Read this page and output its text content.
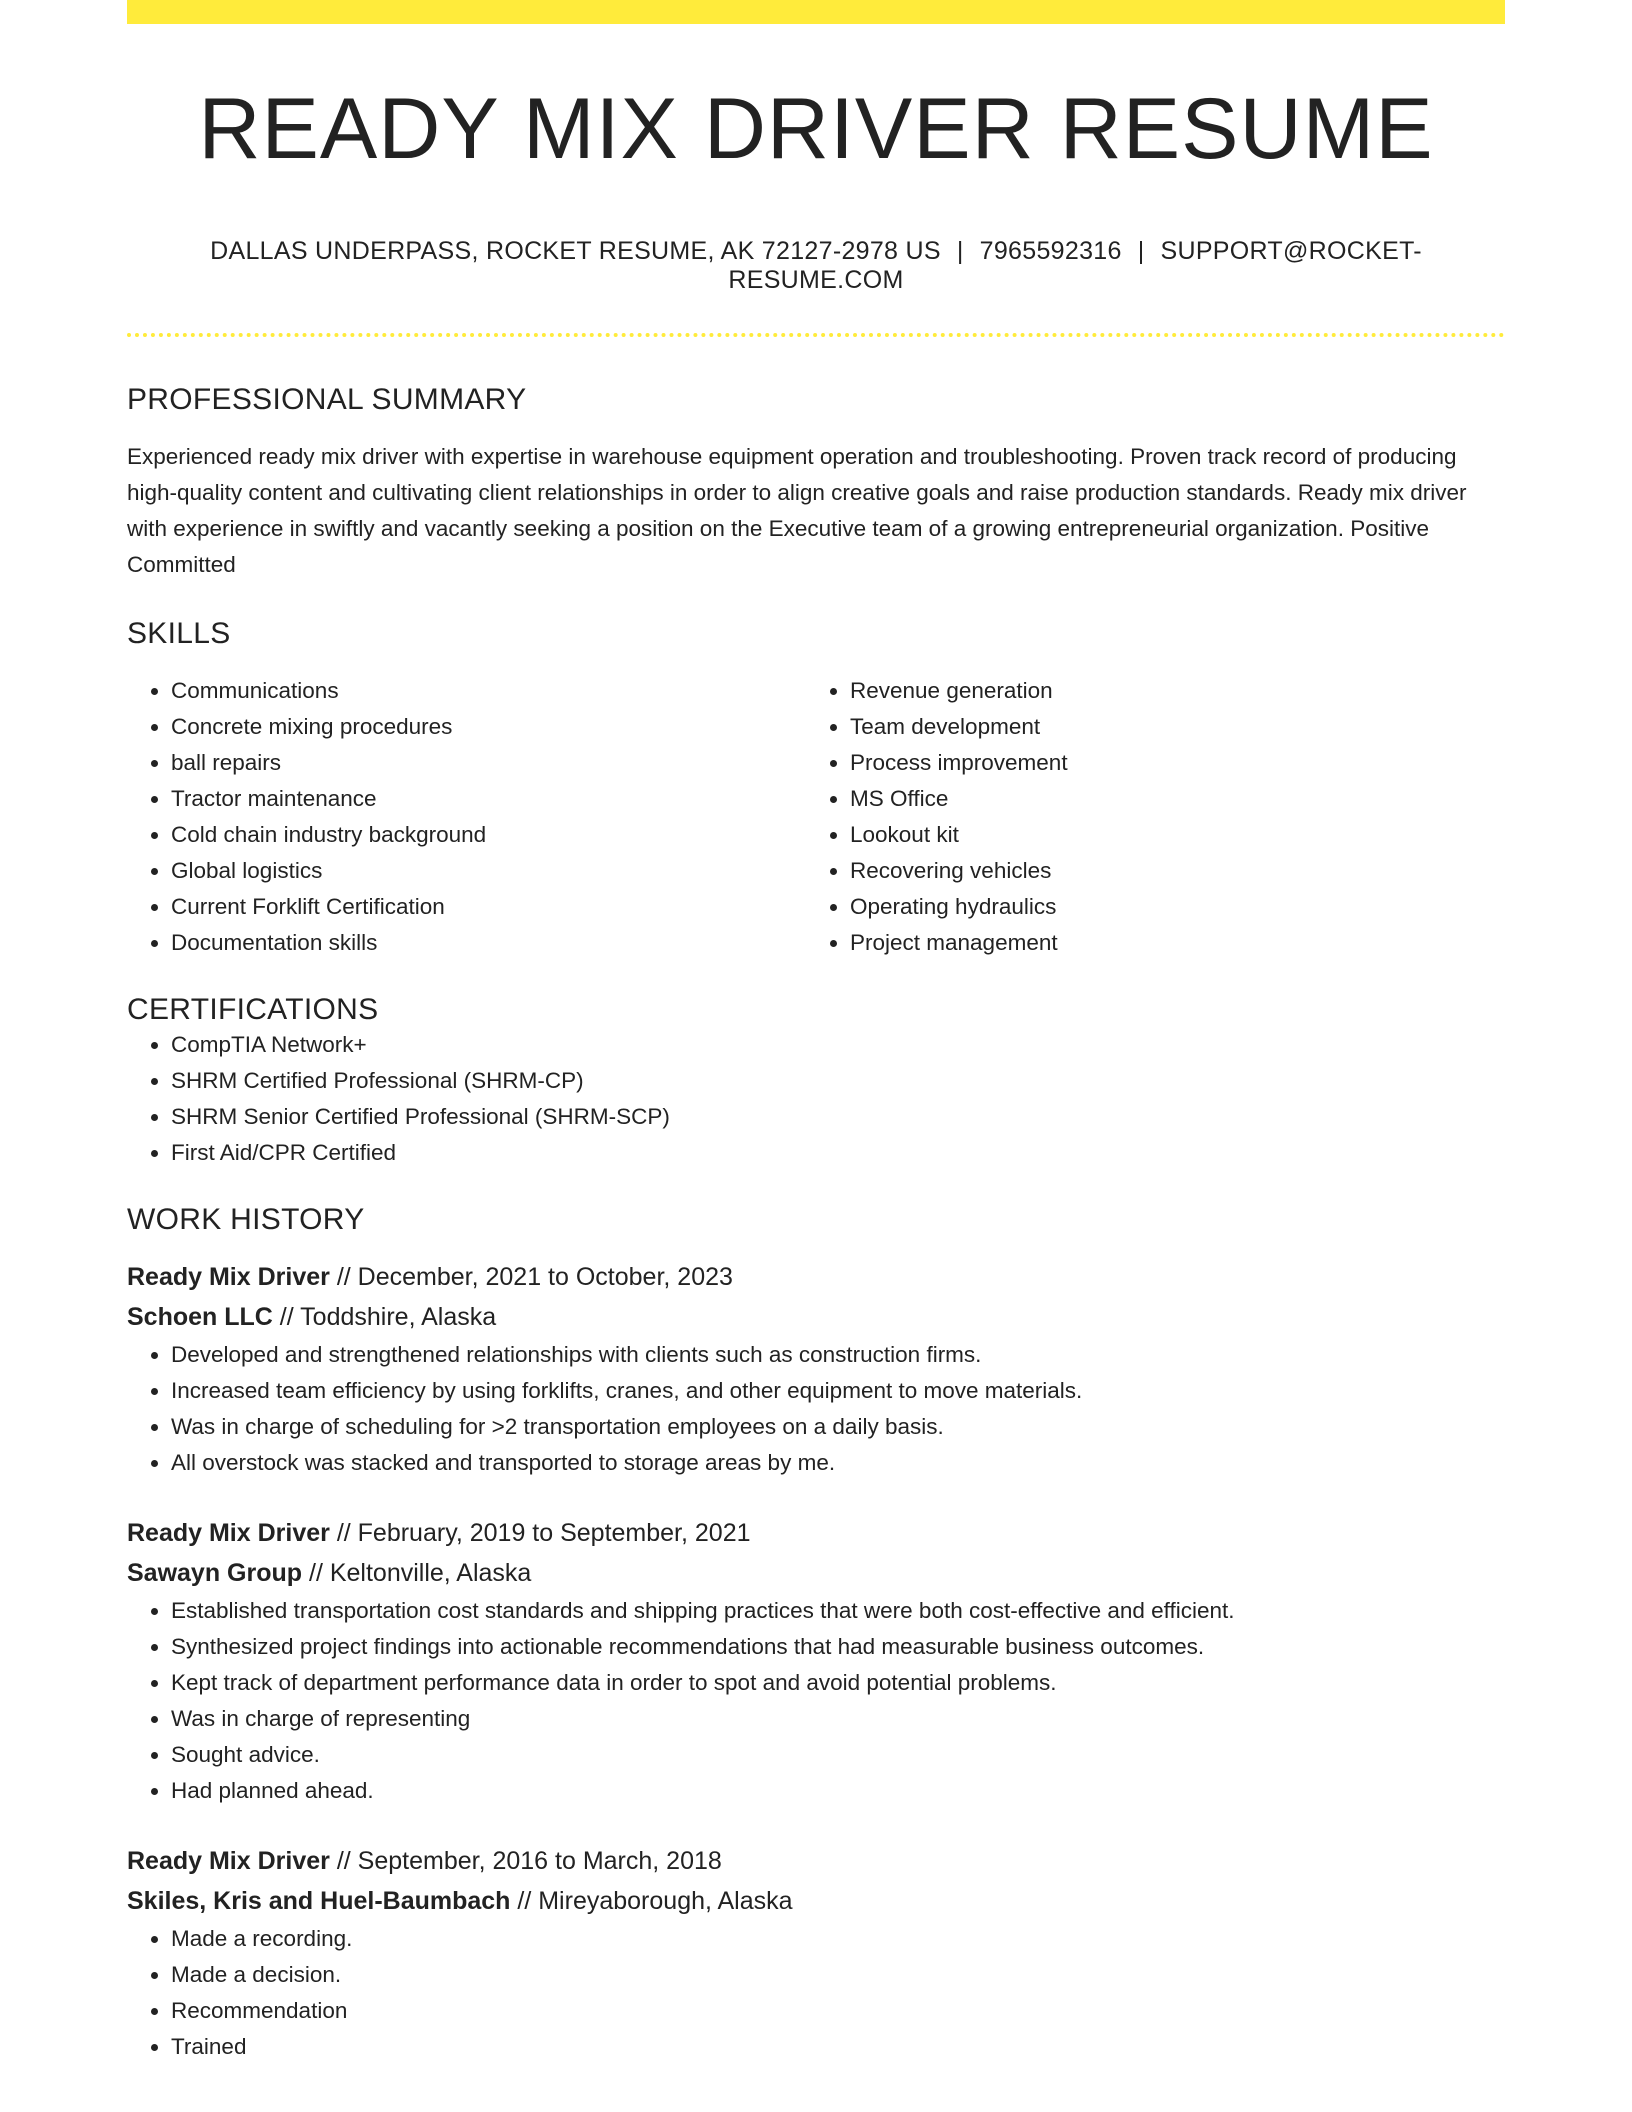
READY MIX DRIVER RESUME
DALLAS UNDERPASS, ROCKET RESUME, AK 72127-2978 US | 7965592316 | SUPPORT@ROCKET-RESUME.COM
PROFESSIONAL SUMMARY
Experienced ready mix driver with expertise in warehouse equipment operation and troubleshooting. Proven track record of producing high-quality content and cultivating client relationships in order to align creative goals and raise production standards. Ready mix driver with experience in swiftly and vacantly seeking a position on the Executive team of a growing entrepreneurial organization. Positive Committed
SKILLS
• Communications
• Concrete mixing procedures
• ball repairs
• Tractor maintenance
• Cold chain industry background
• Global logistics
• Current Forklift Certification
• Documentation skills
• Revenue generation
• Team development
• Process improvement
• MS Office
• Lookout kit
• Recovering vehicles
• Operating hydraulics
• Project management
CERTIFICATIONS
• CompTIA Network+
• SHRM Certified Professional (SHRM-CP)
• SHRM Senior Certified Professional (SHRM-SCP)
• First Aid/CPR Certified
WORK HISTORY
Ready Mix Driver // December, 2021 to October, 2023
Schoen LLC // Toddshire, Alaska
• Developed and strengthened relationships with clients such as construction firms.
• Increased team efficiency by using forklifts, cranes, and other equipment to move materials.
• Was in charge of scheduling for >2 transportation employees on a daily basis.
• All overstock was stacked and transported to storage areas by me.
Ready Mix Driver // February, 2019 to September, 2021
Sawayn Group // Keltonville, Alaska
• Established transportation cost standards and shipping practices that were both cost-effective and efficient.
• Synthesized project findings into actionable recommendations that had measurable business outcomes.
• Kept track of department performance data in order to spot and avoid potential problems.
• Was in charge of representing
• Sought advice.
• Had planned ahead.
Ready Mix Driver // September, 2016 to March, 2018
Skiles, Kris and Huel-Baumbach // Mireyaborough, Alaska
• Made a recording.
• Made a decision.
• Recommendation
• Trained
